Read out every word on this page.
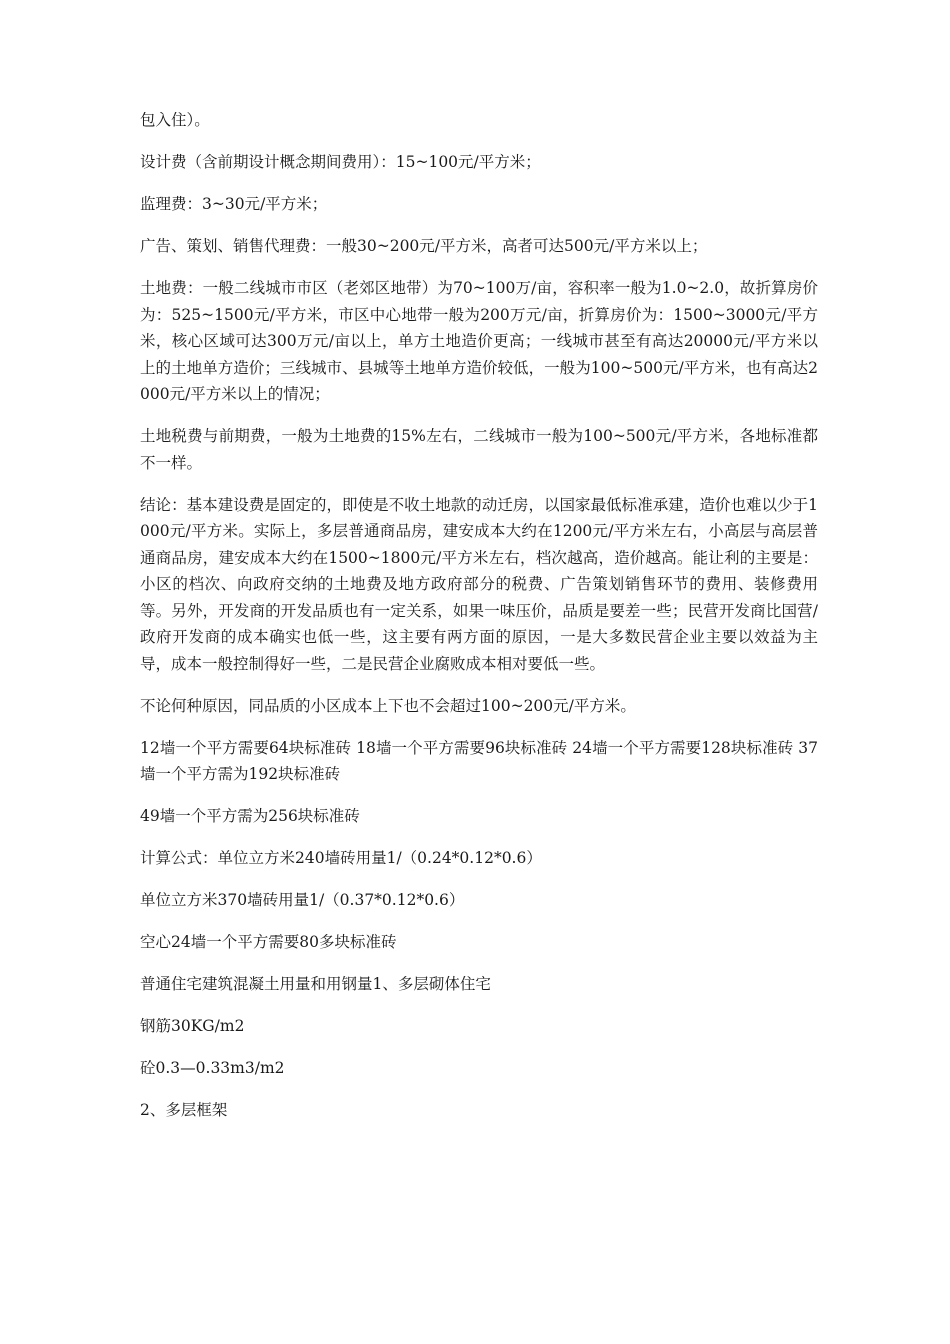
包入住）。

设计费（含前期设计概念期间费用）：15~100元/平方米；

监理费：3~30元/平方米；

广告、策划、销售代理费：一般30~200元/平方米，高者可达500元/平方米以上；

土地费：一般二线城市市区（老郊区地带）为70~100万/亩，容积率一般为1.0~2.0，故折算房价为：525~1500元/平方米，市区中心地带一般为200万元/亩，折算房价为：1500~3000元/平方米，核心区域可达300万元/亩以上，单方土地造价更高；一线城市甚至有高达20000元/平方米以上的土地单方造价；三线城市、县城等土地单方造价较低，一般为100~500元/平方米，也有高达2000元/平方米以上的情况；

土地税费与前期费，一般为土地费的15%左右，二线城市一般为100~500元/平方米，各地标准都不一样。

结论：基本建设费是固定的，即使是不收土地款的动迁房，以国家最低标准承建，造价也难以少于1000元/平方米。实际上，多层普通商品房，建安成本大约在1200元/平方米左右，小高层与高层普通商品房，建安成本大约在1500~1800元/平方米左右，档次越高，造价越高。能让利的主要是：小区的档次、向政府交纳的土地费及地方政府部分的税费、广告策划销售环节的费用、装修费用等。另外，开发商的开发品质也有一定关系，如果一味压价，品质是要差一些；民营开发商比国营/政府开发商的成本确实也低一些，这主要有两方面的原因，一是大多数民营企业主要以效益为主导，成本一般控制得好一些，二是民营企业腐败成本相对要低一些。

不论何种原因，同品质的小区成本上下也不会超过100~200元/平方米。

12墙一个平方需要64块标准砖 18墙一个平方需要96块标准砖 24墙一个平方需要128块标准砖 37墙一个平方需为192块标准砖

49墙一个平方需为256块标准砖

计算公式：单位立方米240墙砖用量1/（0.24*0.12*0.6）

单位立方米370墙砖用量1/（0.37*0.12*0.6）

空心24墙一个平方需要80多块标准砖

普通住宅建筑混凝土用量和用钢量1、多层砌体住宅

钢筋30KG/m2

砼0.3—0.33m3/m2

2、多层框架
